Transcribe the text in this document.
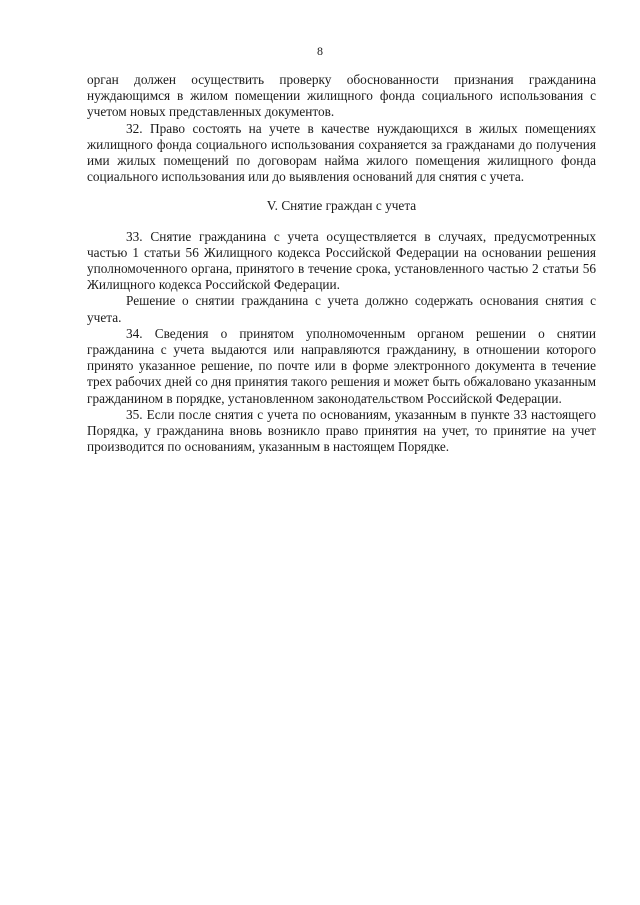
8

орган должен осуществить проверку обоснованности признания гражданина нуждающимся в жилом помещении жилищного фонда социального использования с учетом новых представленных документов.

32. Право состоять на учете в качестве нуждающихся в жилых помещениях жилищного фонда социального использования сохраняется за гражданами до получения ими жилых помещений по договорам найма жилого помещения жилищного фонда социального использования или до выявления оснований для снятия с учета.

V. Снятие граждан с учета

33. Снятие гражданина с учета осуществляется в случаях, предусмотренных частью 1 статьи 56 Жилищного кодекса Российской Федерации на основании решения уполномоченного органа, принятого в течение срока, установленного частью 2 статьи 56 Жилищного кодекса Российской Федерации.

Решение о снятии гражданина с учета должно содержать основания снятия с учета.

34. Сведения о принятом уполномоченным органом решении о снятии гражданина с учета выдаются или направляются гражданину, в отношении которого принято указанное решение, по почте или в форме электронного документа в течение трех рабочих дней со дня принятия такого решения и может быть обжаловано указанным гражданином в порядке, установленном законодательством Российской Федерации.

35. Если после снятия с учета по основаниям, указанным в пункте 33 настоящего Порядка, у гражданина вновь возникло право принятия на учет, то принятие на учет производится по основаниям, указанным в настоящем Порядке.
